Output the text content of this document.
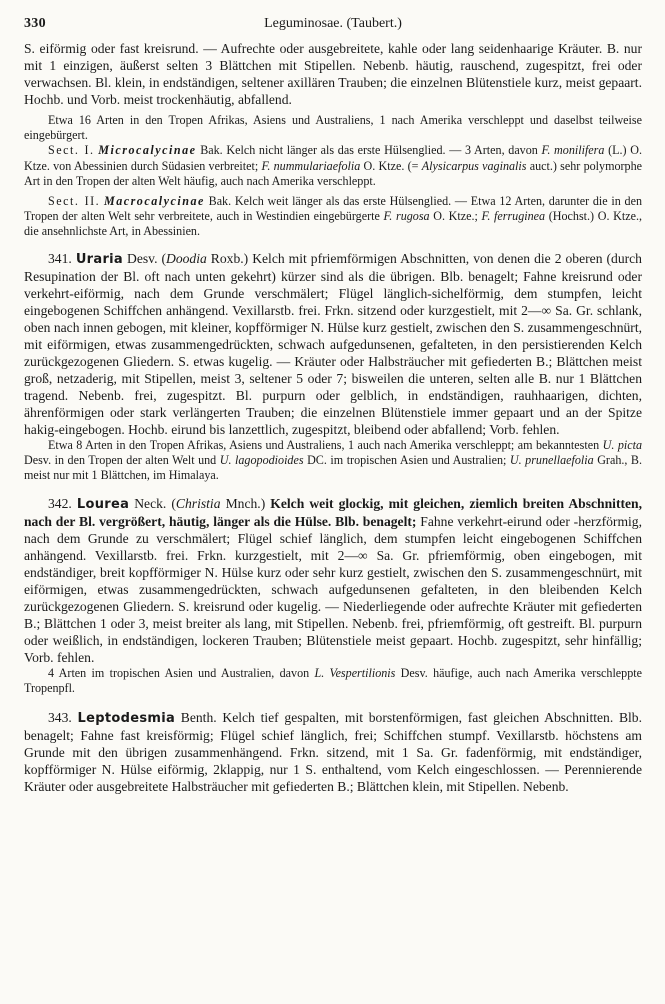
330	Leguminosae. (Taubert.)

S. eiförmig oder fast kreisrund. — Aufrechte oder ausgebreitete, kahle oder lang seidenhaarige Kräuter. B. nur mit 1 einzigen, äußerst selten 3 Blättchen mit Stipellen. Nebenb. häutig, rauschend, zugespitzt, frei oder verwachsen. Bl. klein, in endständigen, seltener axillären Trauben; die einzelnen Blütenstiele kurz, meist gepaart. Hochb. und Vorb. meist trockenhäutig, abfallend.

Etwa 16 Arten in den Tropen Afrikas, Asiens und Australiens, 1 nach Amerika verschleppt und daselbst teilweise eingebürgert.

Sect. I. Microcalycinae Bak. Kelch nicht länger als das erste Hülsenglied. — 3 Arten, davon F. monilifera (L.) O. Ktze. von Abessinien durch Südasien verbreitet; F. nummulariaefolia O. Ktze. (= Alysicarpus vaginalis auct.) sehr polymorphe Art in den Tropen der alten Welt häufig, auch nach Amerika verschleppt.

Sect. II. Macrocalycinae Bak. Kelch weit länger als das erste Hülsenglied. — Etwa 12 Arten, darunter die in den Tropen der alten Welt sehr verbreitete, auch in Westindien eingebürgerte F. rugosa O. Ktze.; F. ferruginea (Hochst.) O. Ktze., die ansehnlichste Art, in Abessinien.

341. Uraria Desv. (Doodia Roxb.) Kelch mit pfriemförmigen Abschnitten, von denen die 2 oberen (durch Resupination der Bl. oft nach unten gekehrt) kürzer sind als die übrigen. Blb. benagelt; Fahne kreisrund oder verkehrt-eiförmig, nach dem Grunde verschmälert; Flügel länglich-sichelförmig, dem stumpfen, leicht eingebogenen Schiffchen anhängend. Vexillarstb. frei. Frkn. sitzend oder kurzgestielt, mit 2—∞ Sa. Gr. schlank, oben nach innen gebogen, mit kleiner, kopfförmiger N. Hülse kurz gestielt, zwischen den S. zusammengeschnürt, mit eiförmigen, etwas zusammengedrückten, schwach aufgedunsenen, gefalteten, in den persistierenden Kelch zurückgezogenen Gliedern. S. etwas kugelig. — Kräuter oder Halbsträucher mit gefiederten B.; Blättchen meist groß, netzaderig, mit Stipellen, meist 3, seltener 5 oder 7; bisweilen die unteren, selten alle B. nur 1 Blättchen tragend. Nebenb. frei, zugespitzt. Bl. purpurn oder gelblich, in endständigen, rauhhaarigen, dichten, ährenförmigen oder stark verlängerten Trauben; die einzelnen Blütenstiele immer gepaart und an der Spitze hakig-eingebogen. Hochb. eirund bis lanzettlich, zugespitzt, bleibend oder abfallend; Vorb. fehlen.

Etwa 8 Arten in den Tropen Afrikas, Asiens und Australiens, 1 auch nach Amerika verschleppt; am bekanntesten U. picta Desv. in den Tropen der alten Welt und U. lagopodioides DC. im tropischen Asien und Australien; U. prunellaefolia Grah., B. meist nur mit 1 Blättchen, im Himalaya.

342. Lourea Neck. (Christia Mnch.) Kelch weit glockig, mit gleichen, ziemlich breiten Abschnitten, nach der Bl. vergrößert, häutig, länger als die Hülse. Blb. benagelt; Fahne verkehrt-eirund oder -herzförmig, nach dem Grunde zu verschmälert; Flügel schief länglich, dem stumpfen leicht eingebogenen Schiffchen anhängend. Vexillarstb. frei. Frkn. kurzgestielt, mit 2—∞ Sa. Gr. pfriemförmig, oben eingebogen, mit endständiger, breit kopfförmiger N. Hülse kurz oder sehr kurz gestielt, zwischen den S. zusammengeschnürt, mit eiförmigen, etwas zusammengedrückten, schwach aufgedunsenen gefalteten, in den bleibenden Kelch zurückgezogenen Gliedern. S. kreisrund oder kugelig. — Niederliegende oder aufrechte Kräuter mit gefiederten B.; Blättchen 1 oder 3, meist breiter als lang, mit Stipellen. Nebenb. frei, pfriemförmig, oft gestreift. Bl. purpurn oder weißlich, in endständigen, lockeren Trauben; Blütenstiele meist gepaart. Hochb. zugespitzt, sehr hinfällig; Vorb. fehlen.

4 Arten im tropischen Asien und Australien, davon L. Vespertilionis Desv. häufige, auch nach Amerika verschleppte Tropenpfl.

343. Leptodesmia Benth. Kelch tief gespalten, mit borstenförmigen, fast gleichen Abschnitten. Blb. benagelt; Fahne fast kreisförmig; Flügel schief länglich, frei; Schiffchen stumpf. Vexillarstb. höchstens am Grunde mit den übrigen zusammenhängend. Frkn. sitzend, mit 1 Sa. Gr. fadenförmig, mit endständiger, kopfförmiger N. Hülse eiförmig, 2klappig, nur 1 S. enthaltend, vom Kelch eingeschlossen. — Perennierende Kräuter oder ausgebreitete Halbsträucher mit gefiederten B.; Blättchen klein, mit Stipellen. Nebenb.
